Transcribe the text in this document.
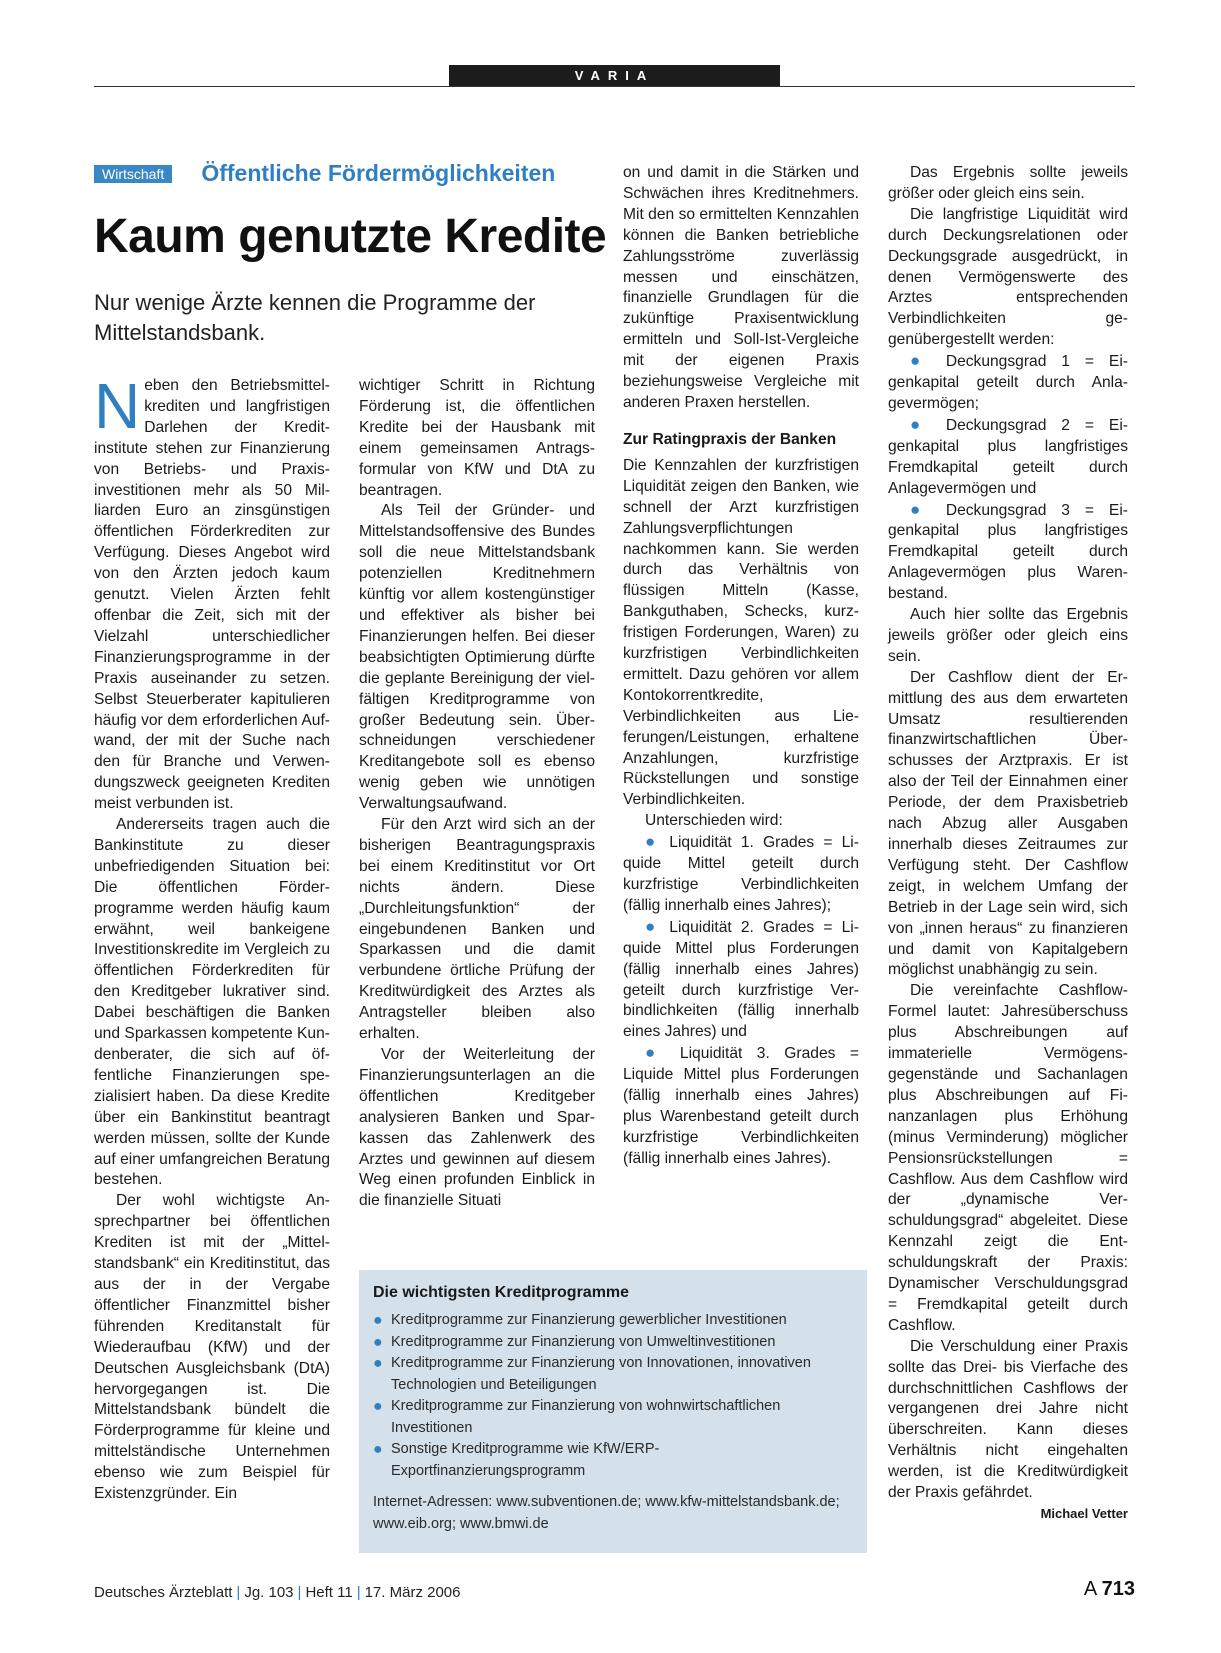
VARIA
Wirtschaft Öffentliche Fördermöglichkeiten
Kaum genutzte Kredite

Nur wenige Ärzte kennen die Programme der Mittelstandsbank.

Neben den Betriebsmittelkrediten und langfristigen Darlehen der Kreditinstitute stehen zur Finanzierung von Betriebs- und Praxisinvestitionen mehr als 50 Milliarden Euro an zinsgünstigen öffentlichen Förderkrediten zur Verfügung. Dieses Angebot wird von den Ärzten jedoch kaum genutzt. Vielen Ärzten fehlt offenbar die Zeit, sich mit der Vielzahl unterschiedlicher Finanzierungsprogramme in der Praxis auseinander zu setzen. Selbst Steuerberater kapitulieren häufig vor dem erforderlichen Aufwand, der mit der Suche nach den für Branche und Verwendungszweck geeigneten Krediten meist verbunden ist.

Andererseits tragen auch die Bankinstitute zu dieser unbefriedigenden Situation bei: Die öffentlichen Förderprogramme werden häufig kaum erwähnt, weil bankeigene Investitionskredite im Vergleich zu öffentlichen Förderkrediten für den Kreditgeber lukrativer sind. Dabei beschäftigen die Banken und Sparkassen kompetente Kundenberater, die sich auf öffentliche Finanzierungen spezialisiert haben. Da diese Kredite über ein Bankinstitut beantragt werden müssen, sollte der Kunde auf einer umfangreichen Beratung bestehen.

Der wohl wichtigste Ansprechpartner bei öffentlichen Krediten ist mit der „Mittelstandsbank“ ein Kreditinstitut, das aus der in der Vergabe öffentlicher Finanzmittel bisher führenden Kreditanstalt für Wiederaufbau (KfW) und der Deutschen Ausgleichsbank (DtA) hervorgegangen ist. Die Mittelstandsbank bündelt die Förderprogramme für kleine und mittelständische Unternehmen ebenso wie zum Beispiel für Existenzgründer. Ein

wichtiger Schritt in Richtung Förderung ist, die öffentlichen Kredite bei der Hausbank mit einem gemeinsamen Antragsformular von KfW und DtA zu beantragen.

Als Teil der Gründer- und Mittelstandsoffensive des Bundes soll die neue Mittelstandsbank potenziellen Kreditnehmern künftig vor allem kostengünstiger und effektiver als bisher bei Finanzierungen helfen. Bei dieser beabsichtigten Optimierung dürfte die geplante Bereinigung der vielfältigen Kreditprogramme von großer Bedeutung sein. Überschneidungen verschiedener Kreditangebote soll es ebenso wenig geben wie unnötigen Verwaltungsaufwand.

Für den Arzt wird sich an der bisherigen Beantragungspraxis bei einem Kreditinstitut vor Ort nichts ändern. Diese „Durchleitungsfunktion“ der eingebundenen Banken und Sparkassen und die damit verbundene örtliche Prüfung der Kreditwürdigkeit des Arztes als Antragsteller bleiben also erhalten.

Vor der Weiterleitung der Finanzierungsunterlagen an die öffentlichen Kreditgeber analysieren Banken und Sparkassen das Zahlenwerk des Arztes und gewinnen auf diesem Weg einen profunden Einblick in die finanzielle Situati

on und damit in die Stärken und Schwächen ihres Kreditnehmers. Mit den so ermittelten Kennzahlen können die Banken betriebliche Zahlungsströme zuverlässig messen und einschätzen, finanzielle Grundlagen für die zukünftige Praxisentwicklung ermitteln und Soll-Ist-Vergleiche mit der eigenen Praxis beziehungsweise Vergleiche mit anderen Praxen herstellen.

Zur Ratingpraxis der Banken

Die Kennzahlen der kurzfristigen Liquidität zeigen den Banken, wie schnell der Arzt kurzfristigen Zahlungsverpflichtungen nachkommen kann. Sie werden durch das Verhältnis von flüssigen Mitteln (Kasse, Bankguthaben, Schecks, kurzfristigen Forderungen, Waren) zu kurzfristigen Verbindlichkeiten ermittelt. Dazu gehören vor allem Kontokorrentkredite, Verbindlichkeiten aus Lieferungen/Leistungen, erhaltene Anzahlungen, kurzfristige Rückstellungen und sonstige Verbindlichkeiten.

Unterschieden wird:

● Liquidität 1. Grades = Liquide Mittel geteilt durch kurzfristige Verbindlichkeiten (fällig innerhalb eines Jahres);

● Liquidität 2. Grades = Liquide Mittel plus Forderungen (fällig innerhalb eines Jahres) geteilt durch kurzfristige Verbindlichkeiten (fällig innerhalb eines Jahres) und

● Liquidität 3. Grades = Liquide Mittel plus Forderungen (fällig innerhalb eines Jahres) plus Warenbestand geteilt durch kurzfristige Verbindlichkeiten (fällig innerhalb eines Jahres).

Das Ergebnis sollte jeweils größer oder gleich eins sein.

Die langfristige Liquidität wird durch Deckungsrelationen oder Deckungsgrade ausgedrückt, in denen Vermögenswerte des Arztes entsprechenden Verbindlichkeiten gegenübergestellt werden:

● Deckungsgrad 1 = Eigenkapital geteilt durch Anlagevermögen;

● Deckungsgrad 2 = Eigenkapital plus langfristiges Fremdkapital geteilt durch Anlagevermögen und

● Deckungsgrad 3 = Eigenkapital plus langfristiges Fremdkapital geteilt durch Anlagevermögen plus Warenbestand.

Auch hier sollte das Ergebnis jeweils größer oder gleich eins sein.

Der Cashflow dient der Ermittlung des aus dem erwarteten Umsatz resultierenden finanzwirtschaftlichen Überschusses der Arztpraxis. Er ist also der Teil der Einnahmen einer Periode, der dem Praxisbetrieb nach Abzug aller Ausgaben innerhalb dieses Zeitraumes zur Verfügung steht. Der Cashflow zeigt, in welchem Umfang der Betrieb in der Lage sein wird, sich von „innen heraus“ zu finanzieren und damit von Kapitalgebern möglichst unabhängig zu sein.

Die vereinfachte Cashflow-Formel lautet: Jahresüberschuss plus Abschreibungen auf immaterielle Vermögensgegenstände und Sachanlagen plus Abschreibungen auf Finanzanlagen plus Erhöhung (minus Verminderung) möglicher Pensionsrückstellungen = Cashflow. Aus dem Cashflow wird der „dynamische Verschuldungsgrad“ abgeleitet. Diese Kennzahl zeigt die Entschuldungskraft der Praxis: Dynamischer Verschuldungsgrad = Fremdkapital geteilt durch Cashflow.

Die Verschuldung einer Praxis sollte das Drei- bis Vierfache des durchschnittlichen Cashflows der vergangenen drei Jahre nicht überschreiten. Kann dieses Verhältnis nicht eingehalten werden, ist die Kreditwürdigkeit der Praxis gefährdet.
Michael Vetter

Die wichtigsten Kreditprogramme
● Kreditprogramme zur Finanzierung gewerblicher Investitionen
● Kreditprogramme zur Finanzierung von Umweltinvestitionen
● Kreditprogramme zur Finanzierung von Innovationen, innovativen Technologien und Beteiligungen
● Kreditprogramme zur Finanzierung von wohnwirtschaftlichen Investitionen
● Sonstige Kreditprogramme wie KfW/ERP-Exportfinanzierungsprogramm
Internet-Adressen: www.subventionen.de; www.kfw-mittelstandsbank.de; www.eib.org; www.bmwi.de
Deutsches Ärzteblatt | Jg. 103 | Heft 11 | 17. März 2006	A 713
